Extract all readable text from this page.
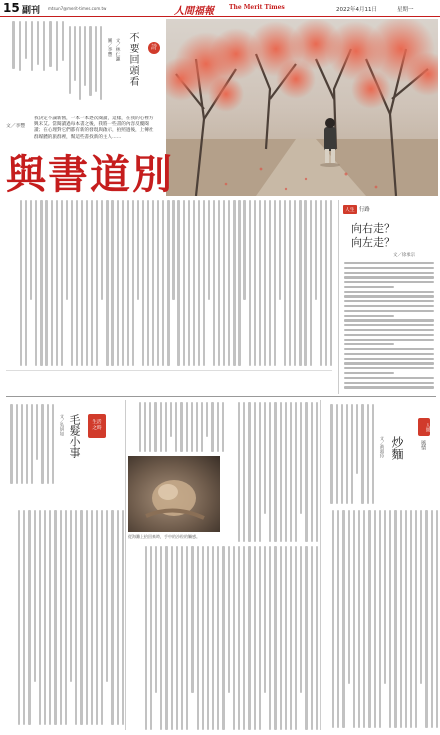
15 副刊 mtsun7@merit-times.com.tw	人間福報	The Merit Times	2022年4月11日	星期一
詩
不要回頭看
文／林仁灝
圖／李豐
文／李豐
我決定不論新舊，一本一本逐次閱讀，這樣，在我的心裡方興未艾。當閱讀過每本書之後，我將一些書的內容反覆閱讀；在心理對它們都有新的發現與啟示，拍照過後，上傳社群媒體的旅群裡，幫這些書找新的主人……
與書道別
人生 行路
向右走？
向左走？
文／徐承宗
生活
之時
毛髮小事
文／吳妍如
從海灘上拾回來時，手中的沙粒的觸感。
人間
風情
炒麵
文／黃淑玲
